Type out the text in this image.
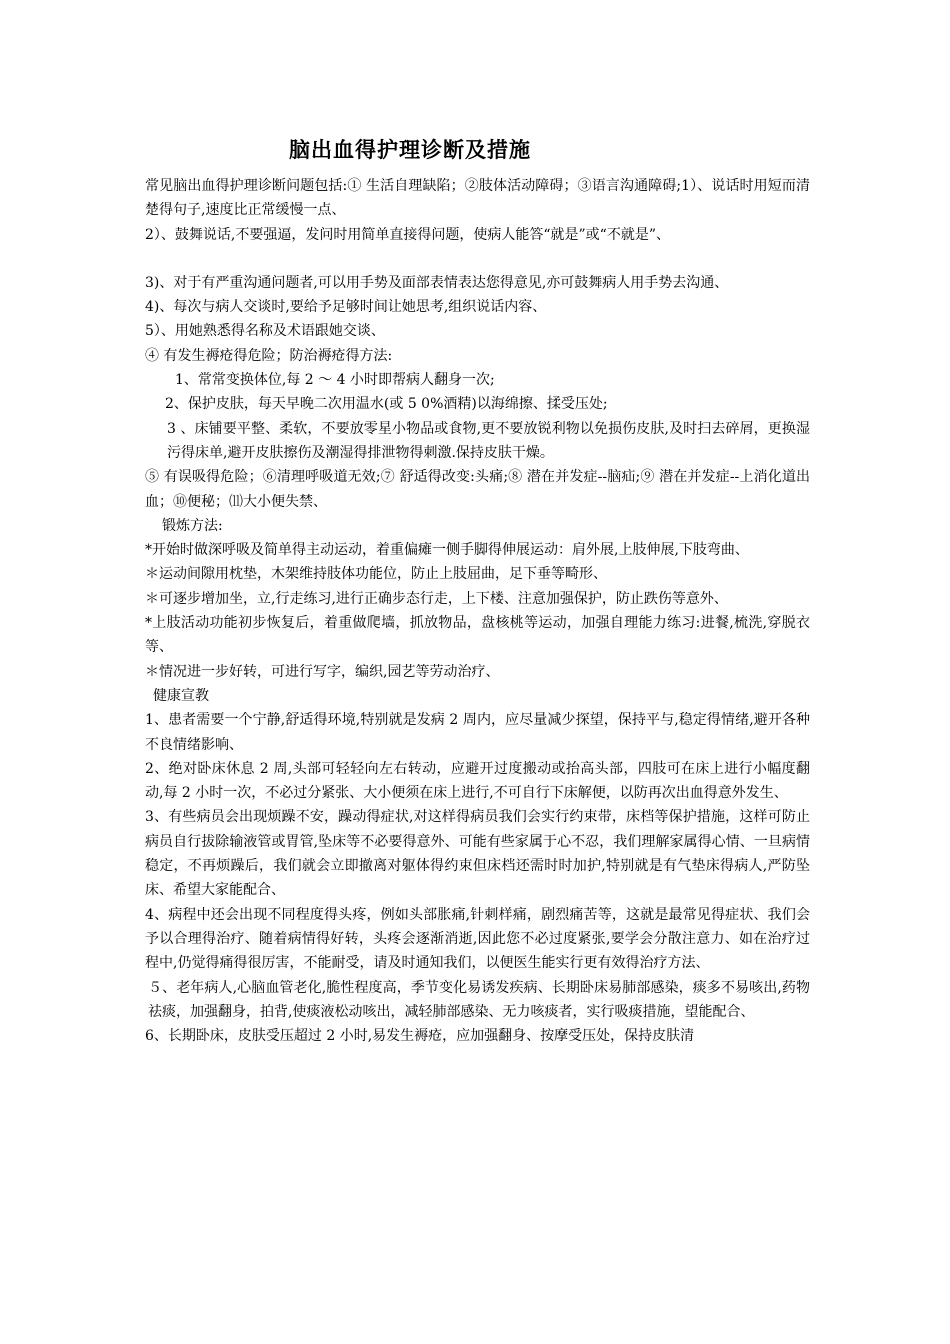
脑出血得护理诊断及措施

常见脑出血得护理诊断问题包括:① 生活自理缺陷；②肢体活动障碍；③语言沟通障碍;1）、说话时用短而清楚得句子,速度比正常缓慢一点、

2）、鼓舞说话,不要强逼，发问时用简单直接得问题，使病人能答“就是”或“不就是”、

3)、对于有严重沟通问题者,可以用手势及面部表情表达您得意见,亦可鼓舞病人用手势去沟通、

4)、每次与病人交谈时,要给予足够时间让她思考,组织说话内容、

5）、用她熟悉得名称及术语跟她交谈、

④ 有发生褥疮得危险；防治褥疮得方法:

1、常常变换体位,每 2 ～ 4 小时即帮病人翻身一次;

2、保护皮肤，每天早晚二次用温水(或 5 0%酒精)以海绵擦、揉受压处;

3 、床铺要平整、柔软，不要放零星小物品或食物,更不要放锐利物以免损伤皮肤,及时扫去碎屑，更换湿污得床单,避开皮肤擦伤及潮湿得排泄物得刺激.保持皮肤干燥。

⑤ 有误吸得危险；⑥清理呼吸道无效;⑦ 舒适得改变:头痛;⑧ 潜在并发症--脑疝;⑨ 潜在并发症--上消化道出血；⑩便秘；⑾大小便失禁、

锻炼方法:

*开始时做深呼吸及简单得主动运动，着重偏瘫一侧手脚得伸展运动：肩外展,上肢伸展,下肢弯曲、

＊运动间隙用枕垫，木架维持肢体功能位，防止上肢屈曲，足下垂等畸形、

＊可逐步增加坐，立,行走练习,进行正确步态行走，上下楼、注意加强保护，防止跌伤等意外、

*上肢活动功能初步恢复后，着重做爬墙，抓放物品，盘核桃等运动，加强自理能力练习:进餐,梳洗,穿脱衣等、

＊情况进一步好转，可进行写字，编织,园艺等劳动治疗、

健康宣教

1、患者需要一个宁静,舒适得环境,特别就是发病 2 周内，应尽量减少探望，保持平与,稳定得情绪,避开各种不良情绪影响、

2、绝对卧床休息 2 周,头部可轻轻向左右转动，应避开过度搬动或抬高头部，四肢可在床上进行小幅度翻动,每 2 小时一次，不必过分紧张、大小便须在床上进行,不可自行下床解便，以防再次出血得意外发生、

3、有些病员会出现烦躁不安，躁动得症状,对这样得病员我们会实行约束带，床档等保护措施，这样可防止病员自行拔除输液管或胃管,坠床等不必要得意外、可能有些家属于心不忍，我们理解家属得心情、一旦病情稳定，不再烦躁后，我们就会立即撤离对躯体得约束但床档还需时时加护,特别就是有气垫床得病人,严防坠床、希望大家能配合、

4、病程中还会出现不同程度得头疼，例如头部胀痛,针刺样痛，剧烈痛苦等，这就是最常见得症状、我们会予以合理得治疗、随着病情得好转，头疼会逐渐消逝,因此您不必过度紧张,要学会分散注意力、如在治疗过程中,仍觉得痛得很厉害，不能耐受，请及时通知我们，以便医生能实行更有效得治疗方法、

５、老年病人,心脑血管老化,脆性程度高，季节变化易诱发疾病、长期卧床易肺部感染，痰多不易咳出,药物祛痰，加强翻身，拍背,使痰液松动咳出，减轻肺部感染、无力咳痰者，实行吸痰措施，望能配合、

6、长期卧床，皮肤受压超过 2 小时,易发生褥疮，应加强翻身、按摩受压处，保持皮肤清
